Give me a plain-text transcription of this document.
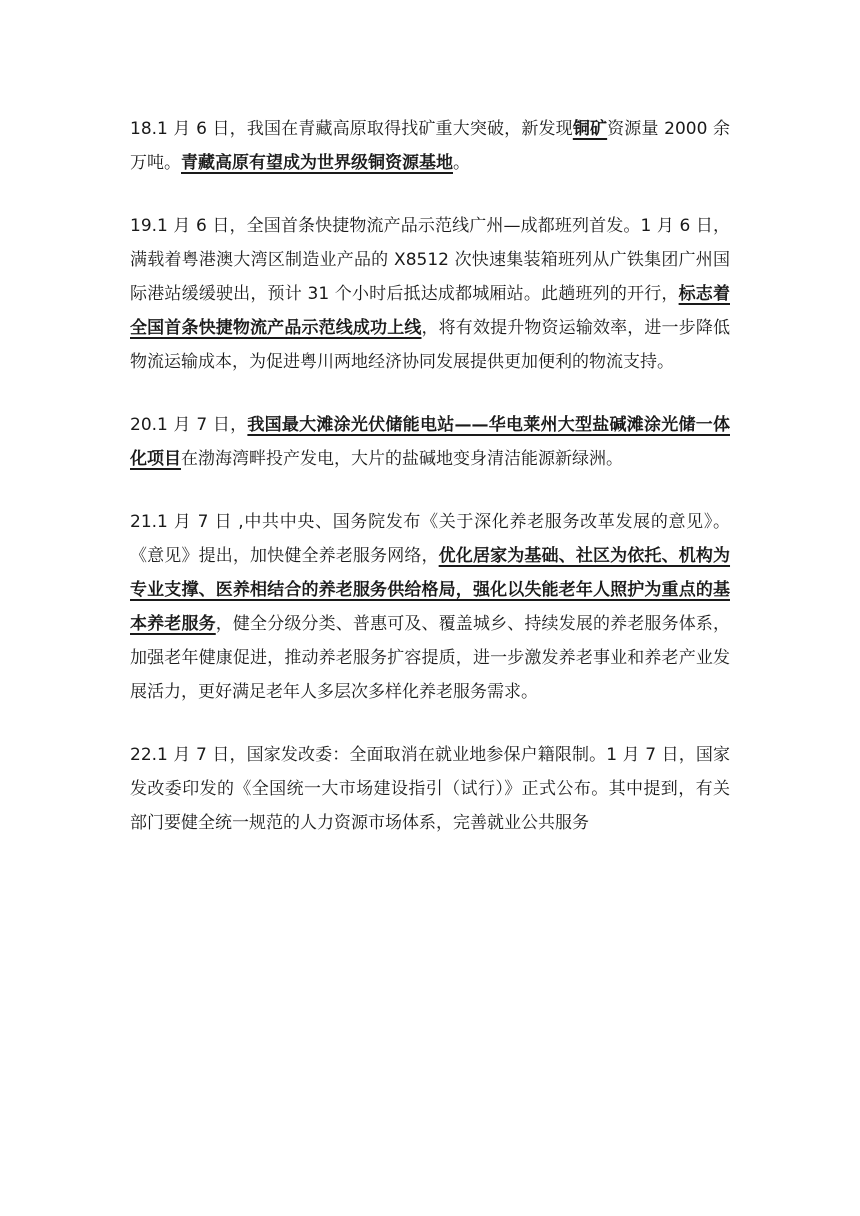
18.1 月 6 日，我国在青藏高原取得找矿重大突破，新发现铜矿资源量 2000 余万吨。青藏高原有望成为世界级铜资源基地。

19.1 月 6 日，全国首条快捷物流产品示范线广州—成都班列首发。1 月 6 日，满载着粤港澳大湾区制造业产品的 X8512 次快速集装箱班列从广铁集团广州国际港站缓缓驶出，预计 31 个小时后抵达成都城厢站。此趟班列的开行，标志着全国首条快捷物流产品示范线成功上线，将有效提升物资运输效率，进一步降低物流运输成本，为促进粤川两地经济协同发展提供更加便利的物流支持。

20.1 月 7 日，我国最大滩涂光伏储能电站——华电莱州大型盐碱滩涂光储一体化项目在渤海湾畔投产发电，大片的盐碱地变身清洁能源新绿洲。

21.1 月 7 日 ,中共中央、国务院发布《关于深化养老服务改革发展的意见》。《意见》提出，加快健全养老服务网络，优化居家为基础、社区为依托、机构为专业支撑、医养相结合的养老服务供给格局，强化以失能老年人照护为重点的基本养老服务，健全分级分类、普惠可及、覆盖城乡、持续发展的养老服务体系，加强老年健康促进，推动养老服务扩容提质，进一步激发养老事业和养老产业发展活力，更好满足老年人多层次多样化养老服务需求。

22.1 月 7 日，国家发改委：全面取消在就业地参保户籍限制。1 月 7 日，国家发改委印发的《全国统一大市场建设指引（试行）》正式公布。其中提到，有关部门要健全统一规范的人力资源市场体系，完善就业公共服务
